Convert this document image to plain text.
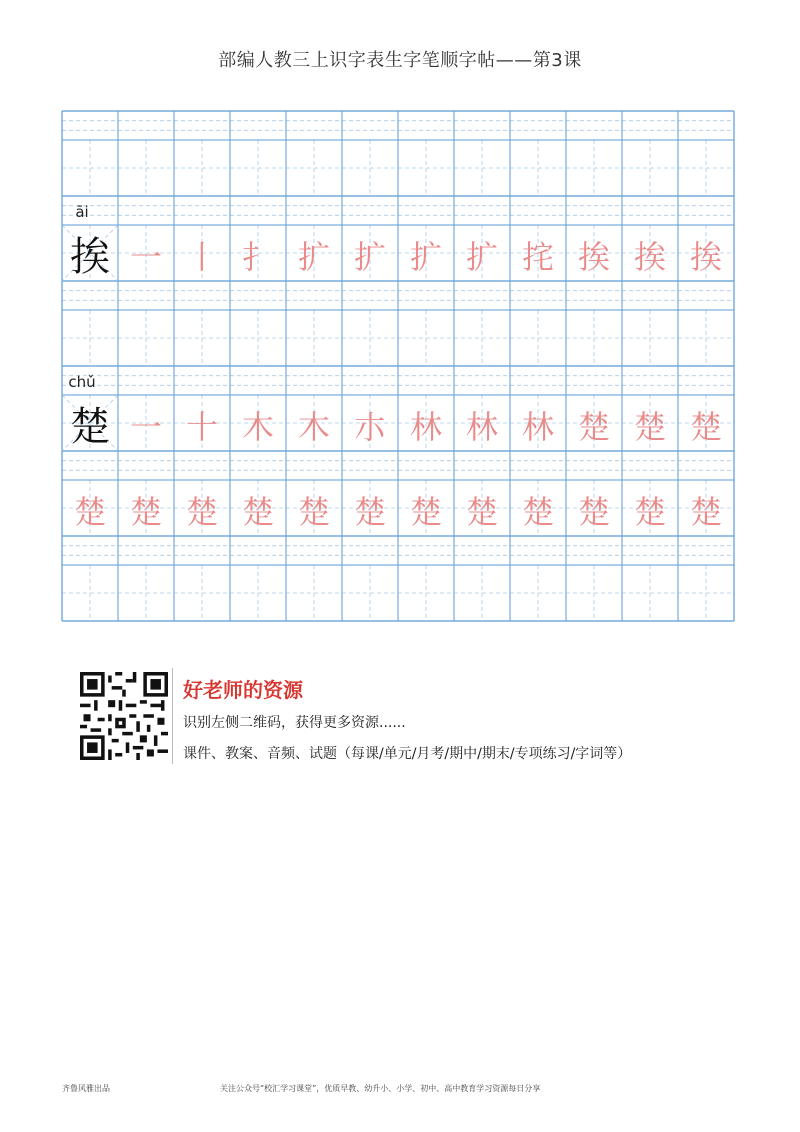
部编人教三上识字表生字笔顺字帖——第3课
āi
挨 一 丨 扌 扩 扩 扩 扩 挓 挨 挨 挨
chǔ
楚 一 十 木 木 朩 林 林 林 楚 楚 楚
楚 楚 楚 楚 楚 楚 楚 楚 楚 楚 楚 楚
好老师的资源
识别左侧二维码，获得更多资源......
课件、教案、音频、试题（每课/单元/月考/期中/期末/专项练习/字词等）
齐鲁风雅出品	关注公众号“校汇学习课堂”，优质早教、幼升小、小学、初中、高中教育学习资源每日分享
